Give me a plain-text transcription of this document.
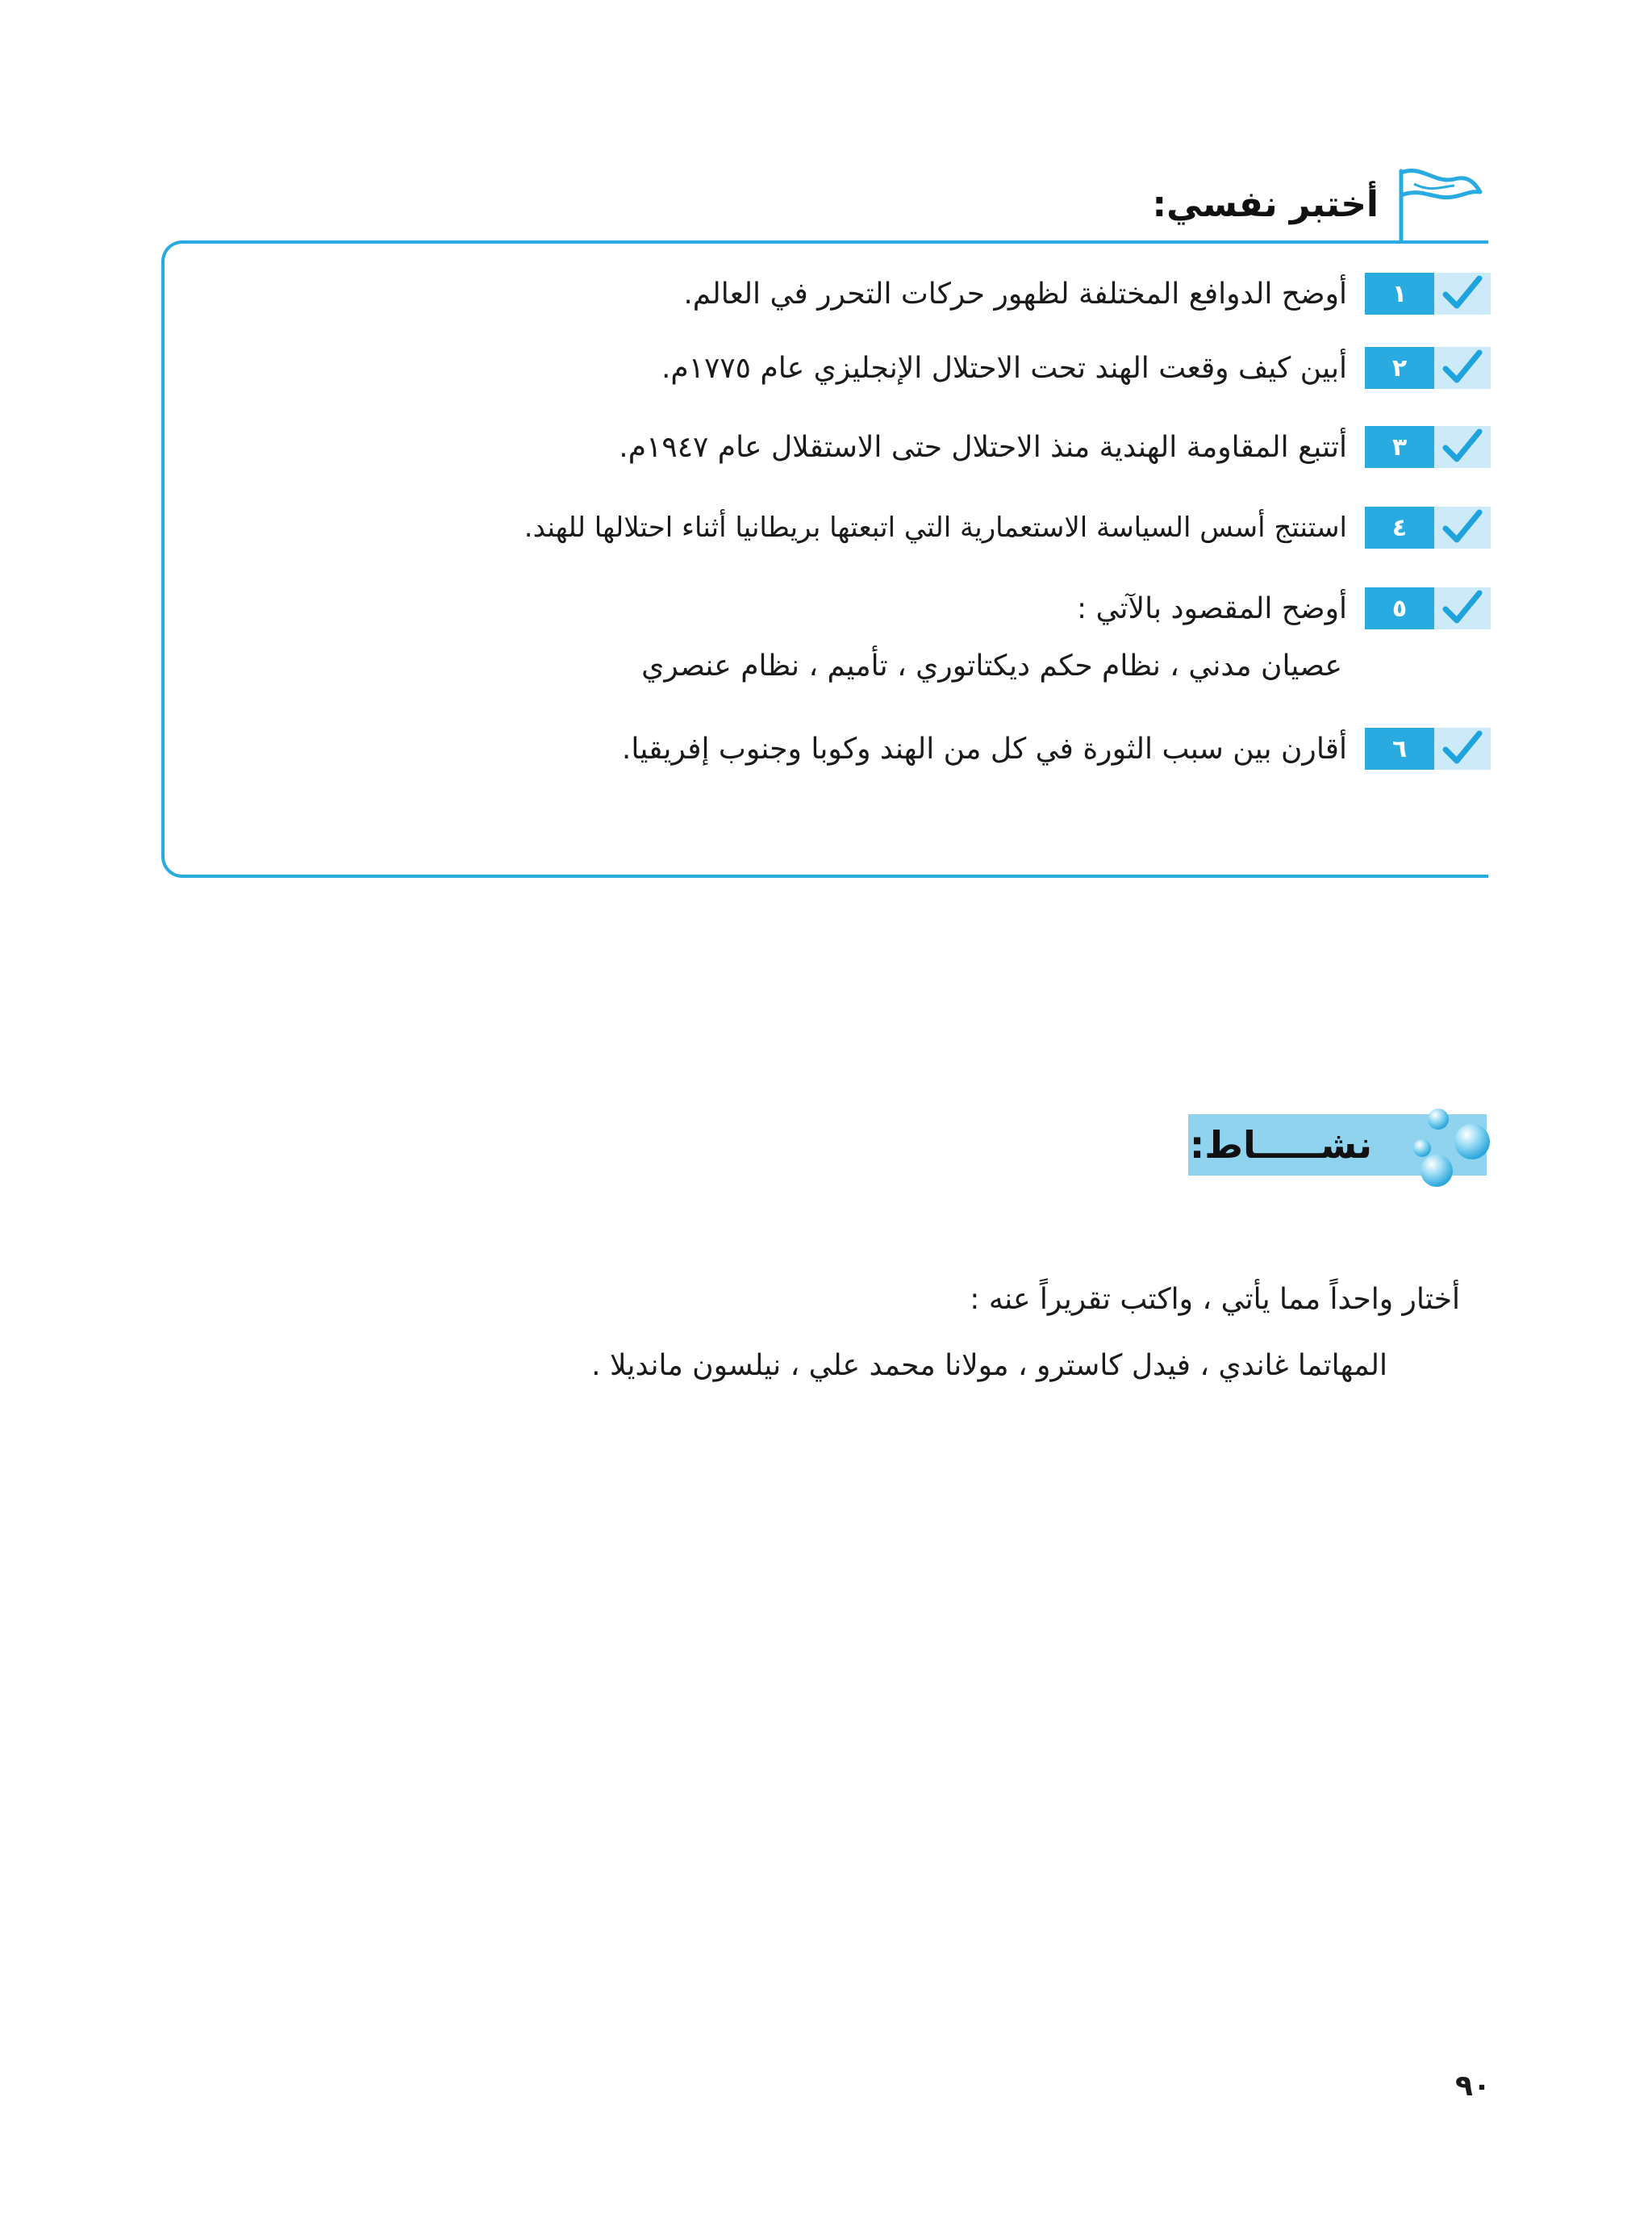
أختبر نفسي:
١
أوضح الدوافع المختلفة لظهور حركات التحرر في العالم.
٢
أبين كيف وقعت الهند تحت الاحتلال الإنجليزي عام ١٧٧٥م.
٣
أتتبع المقاومة الهندية منذ الاحتلال حتى الاستقلال عام ١٩٤٧م.
٤
استنتج أسس السياسة الاستعمارية التي اتبعتها بريطانيا أثناء احتلالها للهند.
٥
أوضح المقصود بالآتي :
عصيان مدني ، نظام حكم ديكتاتوري ، تأميم ، نظام عنصري
٦
أقارن بين سبب الثورة في كل من الهند وكوبا وجنوب إفريقيا.
نشـــــاط:
أختار واحداً مما يأتي ، واكتب تقريراً عنه :
المهاتما غاندي ، فيدل كاسترو ، مولانا محمد علي ، نيلسون مانديلا .
٩٠
